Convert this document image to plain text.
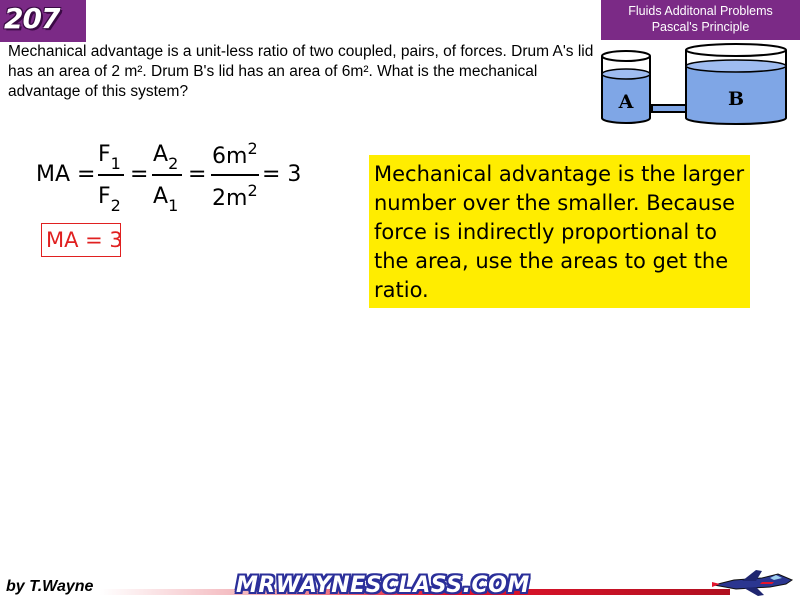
207	Fluids Additonal Problems
Pascal's Principle
Mechanical advantage is a unit-less ratio of two coupled, pairs, of forces. Drum A's lid has an area of 2 m². Drum B's lid has an area of 6m². What is the mechanical advantage of this system?	A	B
MA =
$F_1$
$F_2$
=
$A_2$
$A_1$
=
$6m^2$
$2m^2$
= 3
MA = 3
Mechanical advantage is the larger number over the smaller. Because force is indirectly proportional to the area, use the areas to get the ratio.
by T.Wayne	MRWAYNESCLASS.COM
